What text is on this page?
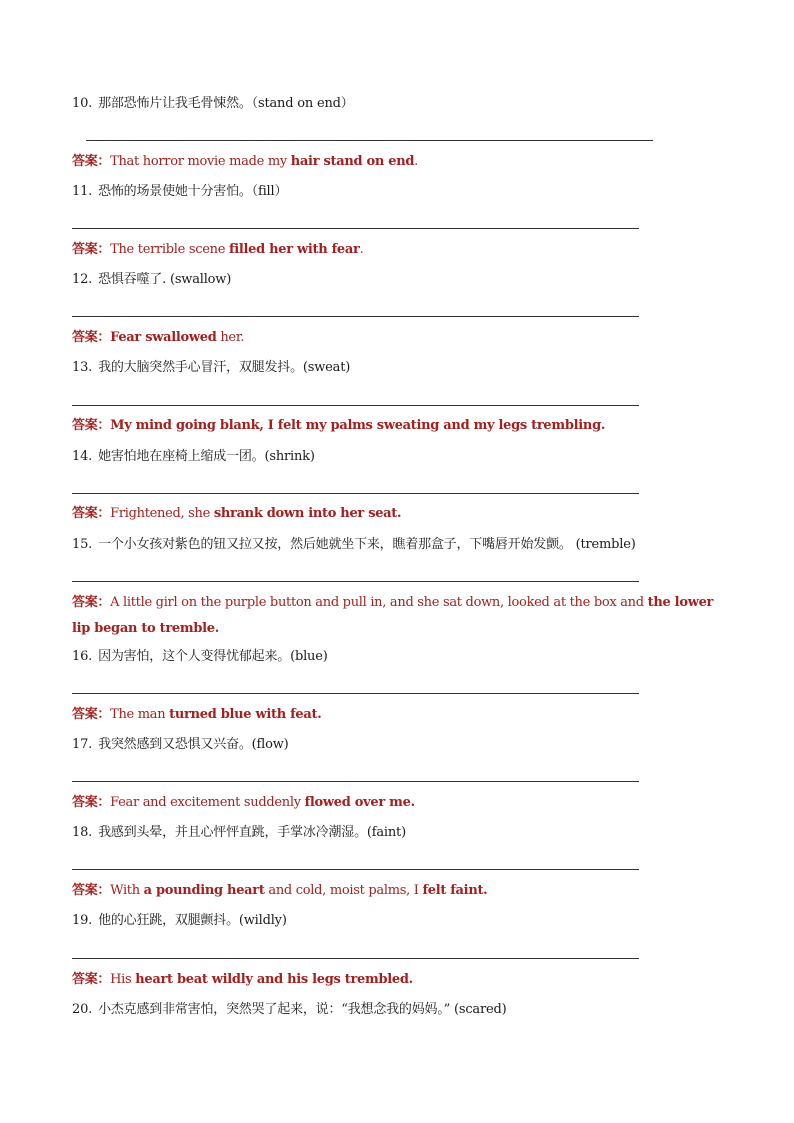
10. 那部恐怖片让我毛骨悚然。（stand on end）
答案：That horror movie made my hair stand on end.
11. 恐怖的场景使她十分害怕。（fill）
答案：The terrible scene filled her with fear.
12. 恐惧吞噬了. (swallow)
答案：Fear swallowed her.
13. 我的大脑突然手心冒汗，双腿发抖。(sweat)
答案：My mind going blank, I felt my palms sweating and my legs trembling.
14. 她害怕地在座椅上缩成一团。(shrink)
答案：Frightened, she shrank down into her seat.
15. 一个小女孩对紫色的钮又拉又按，然后她就坐下来，瞧着那盒子，下嘴唇开始发颤。 (tremble)
答案：A little girl on the purple button and pull in, and she sat down, looked at the box and the lower lip began to tremble.
16. 因为害怕，这个人变得忧郁起来。(blue)
答案：The man turned blue with feat.
17. 我突然感到又恐惧又兴奋。(flow)
答案：Fear and excitement suddenly flowed over me.
18. 我感到头晕，并且心怦怦直跳，手掌冰冷潮湿。(faint)
答案：With a pounding heart and cold, moist palms, I felt faint.
19. 他的心狂跳，双腿颤抖。(wildly)
答案：His heart beat wildly and his legs trembled.
20. 小杰克感到非常害怕，突然哭了起来，说：“我想念我的妈妈。” (scared)
